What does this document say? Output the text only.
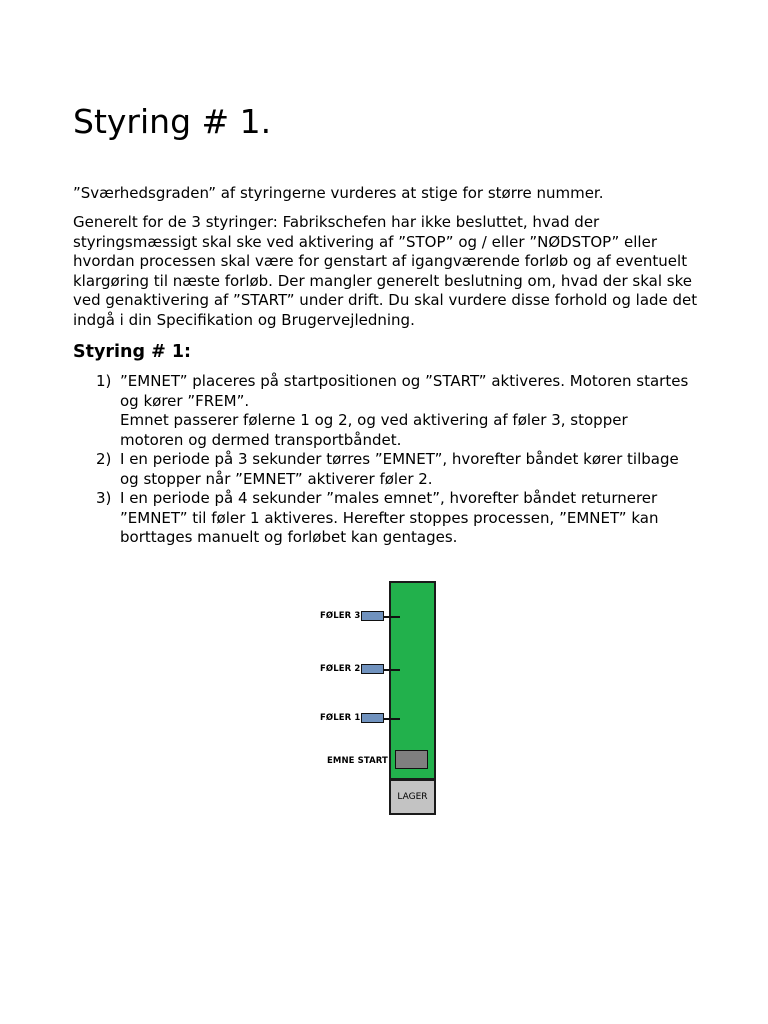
Styring # 1.

”Sværhedsgraden” af styringerne vurderes at stige for større nummer.

Generelt for de 3 styringer: Fabrikschefen har ikke besluttet, hvad der styringsmæssigt skal ske ved aktivering af ”STOP” og / eller ”NØDSTOP” eller hvordan processen skal være for genstart af igangværende forløb og af eventuelt klargøring til næste forløb. Der mangler generelt beslutning om, hvad der skal ske ved genaktivering af ”START” under drift. Du skal vurdere disse forhold og lade det indgå i din Specifikation og Brugervejledning.

Styring # 1:
1) ”EMNET” placeres på startpositionen og ”START” aktiveres. Motoren startes og kører ”FREM”.
Emnet passerer følerne 1 og 2, og ved aktivering af føler 3, stopper motoren og dermed transportbåndet.
2) I en periode på 3 sekunder tørres ”EMNET”, hvorefter båndet kører tilbage og stopper når ”EMNET” aktiverer føler 2.
3) I en periode på 4 sekunder ”males emnet”, hvorefter båndet returnerer ”EMNET” til føler 1 aktiveres. Herefter stoppes processen, ”EMNET” kan borttages manuelt og forløbet kan gentages.
FØLER 3
FØLER 2
FØLER 1
EMNE START
LAGER
